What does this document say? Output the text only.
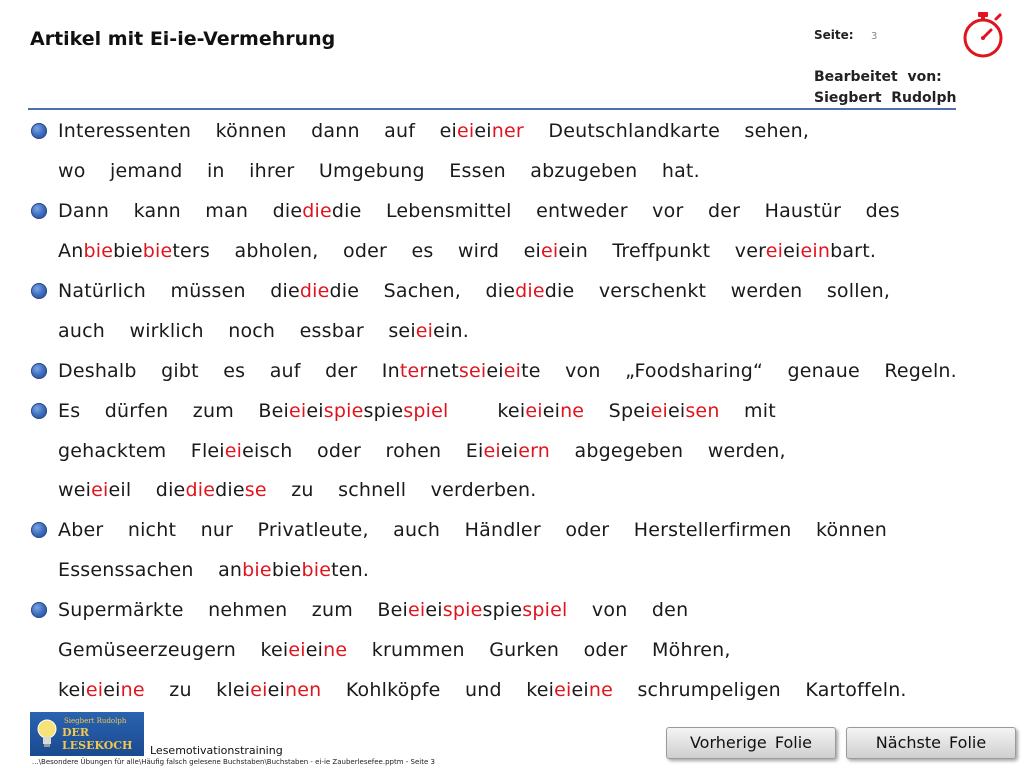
Artikel mit Ei-ie-Vermehrung	Seite: 3
Bearbeitet  von:
Siegbert  Rudolph
Interessenten  können  dann  auf  eieieiner  Deutschlandkarte  sehen,
wo  jemand  in  ihrer  Umgebung  Essen  abzugeben  hat.
Dann  kann  man  diediedie  Lebensmittel  entweder  vor  der  Haustür  des
Anbiebiebieters  abholen,  oder  es  wird  eieiein  Treffpunkt  vereieieinbart.
Natürlich  müssen  diediedie  Sachen,  diediedie  verschenkt  werden  sollen,
auch  wirklich  noch  essbar  seieiein.
Deshalb  gibt  es  auf  der  Internetseieieite  von  „Foodsharing“  genaue  Regeln.
Es  dürfen  zum  Beieieispiespiespiel    keieieine  Speieieisen  mit
gehacktem  Fleieieisch  oder  rohen  Eieieiern  abgegeben  werden,
weieieil  diediediese  zu  schnell  verderben.
Aber  nicht  nur  Privatleute,  auch  Händler  oder  Herstellerfirmen  können
Essenssachen  anbiebiebieten.
Supermärkte  nehmen  zum  Beieieispiespiespiel  von  den
Gemüseerzeugern  keieieine  krummen  Gurken  oder  Möhren,
keieieine  zu  kleieieinen  Kohlköpfe  und  keieieine  schrumpeligen  Kartoffeln.
Siegbert Rudolph
DER LESEKOCH	Lesemotivationstraining
...\Besondere Übungen für alle\Häufig falsch gelesene Buchstaben\Buchstaben - ei-ie Zauberlesefee.pptm - Seite 3
Vorherige Folie	Nächste Folie
